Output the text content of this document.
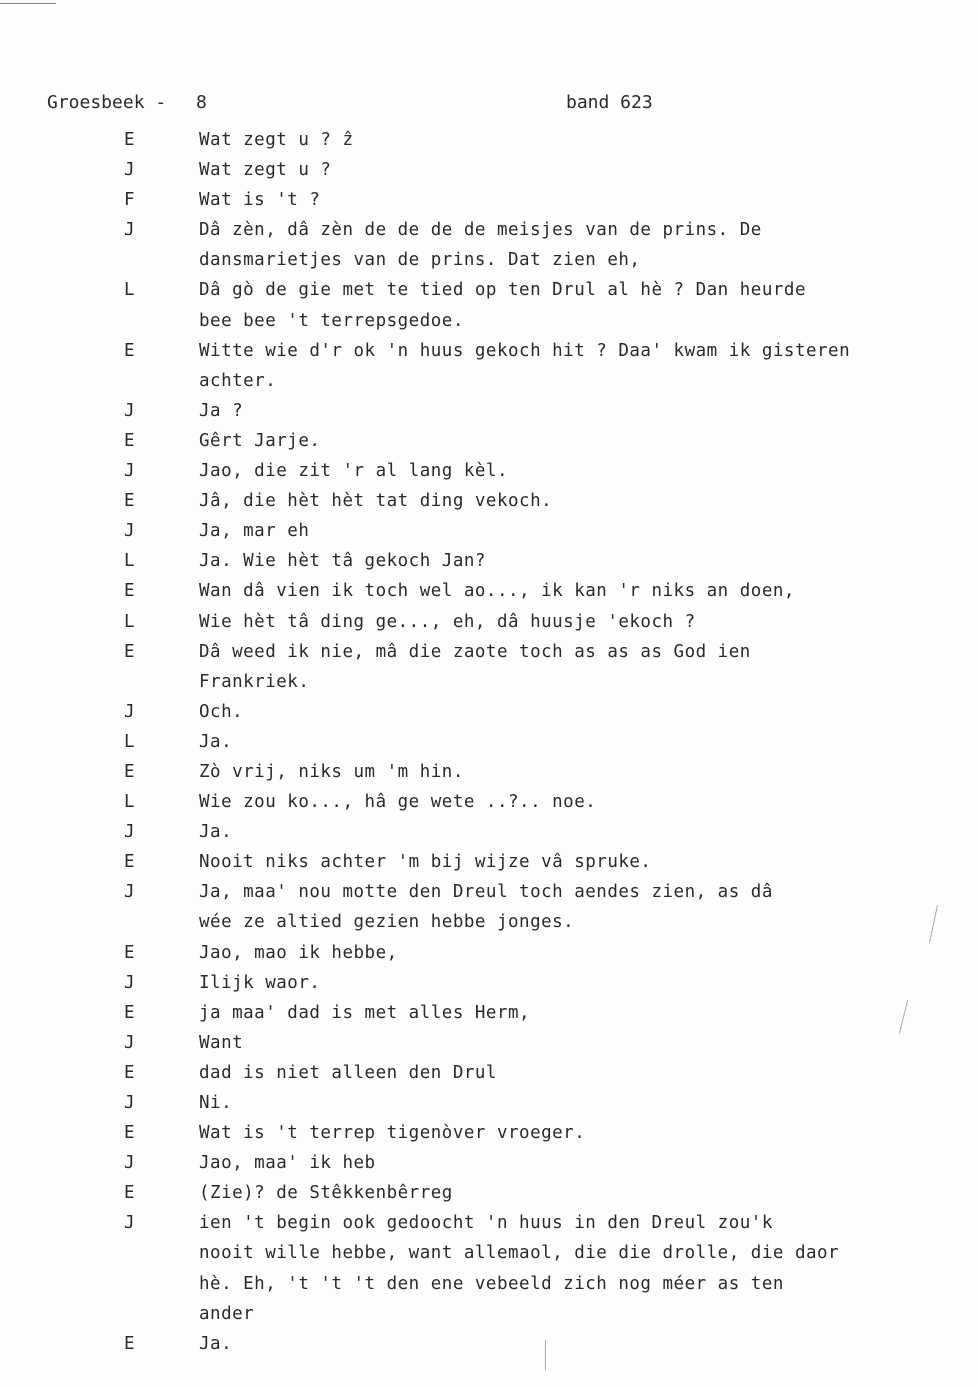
Groesbeek - 8	band 623
E	Wat zegt u ? ẑ
J	Wat zegt u ?
F	Wat is 't ?
J	Dâ zèn, dâ zèn de de de de meisjes van de prins. De
dansmarietjes van de prins. Dat zien eh,
L	Dâ gò de gie met te tied op ten Drul al hè ? Dan heurde
bee bee 't terrepsgedoe.
E	Witte wie d'r ok 'n huus gekoch hit ? Daa' kwam ik gisteren
achter.
J	Ja ?
E	Gêrt Jarje.
J	Jao, die zit 'r al lang kèl.
E	Jâ, die hèt hèt tat ding vekoch.
J	Ja, mar eh
L	Ja. Wie hèt tâ gekoch Jan?
E	Wan dâ vien ik toch wel ao..., ik kan 'r niks an doen,
L	Wie hèt tâ ding ge..., eh, dâ huusje 'ekoch ?
E	Dâ weed ik nie, mâ die zaote toch as as as God ien
Frankriek.
J	Och.
L	Ja.
E	Zò vrij, niks um 'm hin.
L	Wie zou ko..., hâ ge wete ..?.. noe.
J	Ja.
E	Nooit niks achter 'm bij wijze vâ spruke.
J	Ja, maa' nou motte den Dreul toch aendes zien, as dâ
wée ze altied gezien hebbe jonges.
E	Jao, mao ik hebbe,
J	Ilijk waor.
E	ja maa' dad is met alles Herm,
J	Want
E	dad is niet alleen den Drul
J	Ni.
E	Wat is 't terrep tigenòver vroeger.
J	Jao, maa' ik heb
E	(Zie)? de Stêkkenbêrreg
J	ien 't begin ook gedoocht 'n huus in den Dreul zou'k
nooit wille hebbe, want allemaol, die die drolle, die daor
hè. Eh, 't 't 't den ene vebeeld zich nog méer as ten
ander
E	Ja.
